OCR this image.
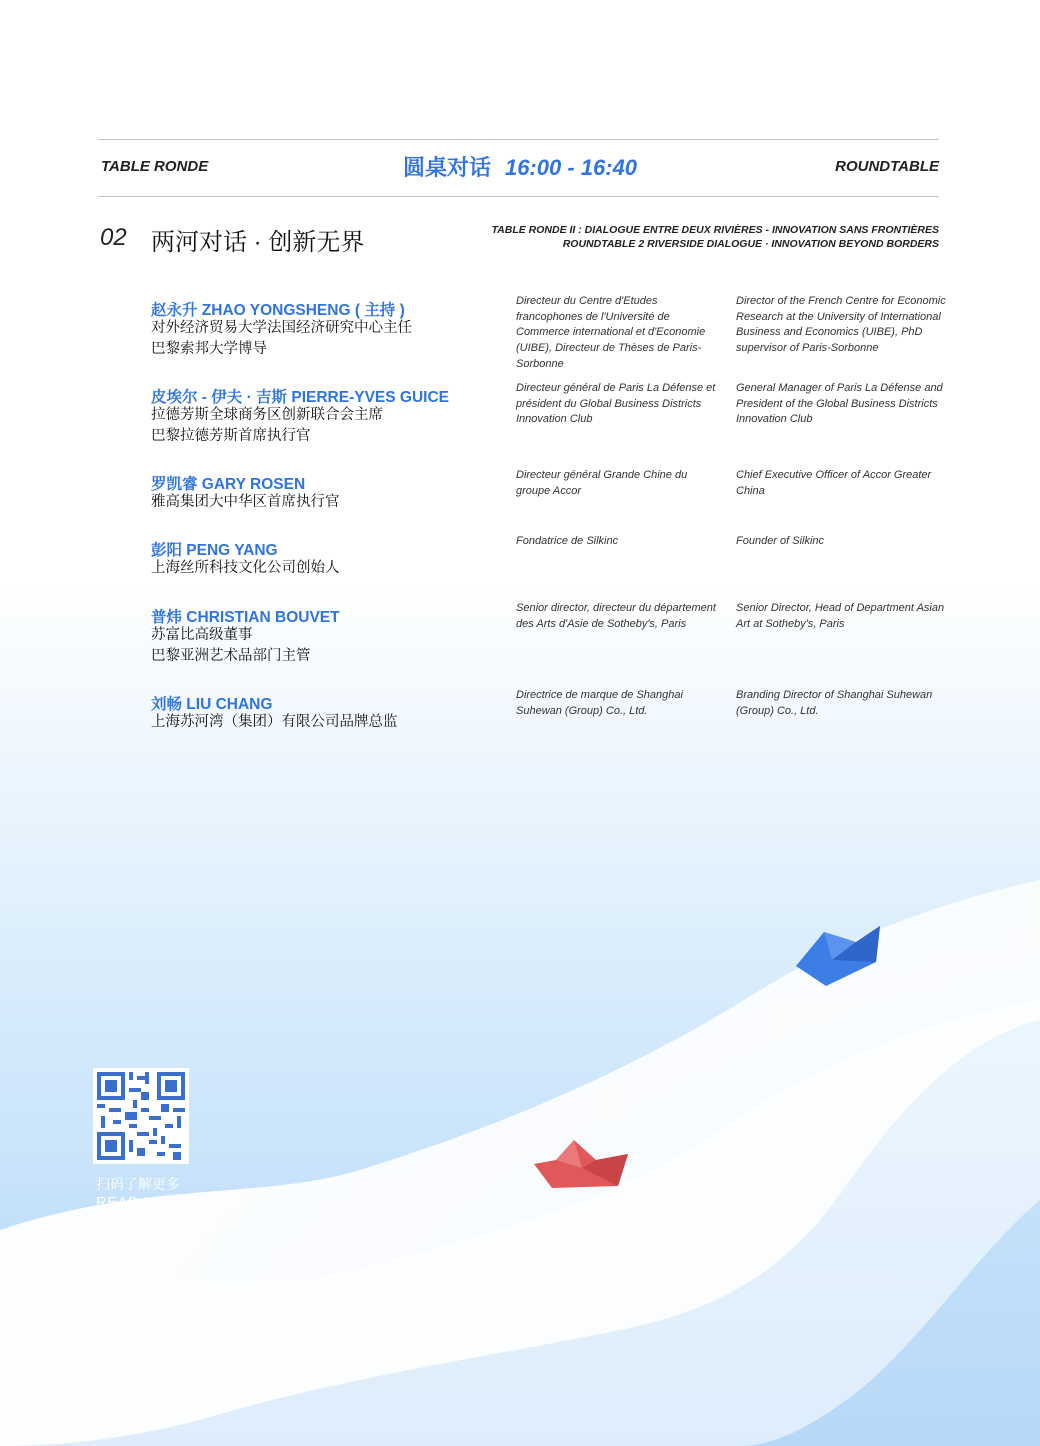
TABLE RONDE	圆桌对话 16:00 - 16:40	ROUNDTABLE
02 两河对话 · 创新无界	TABLE RONDE II : DIALOGUE ENTRE DEUX RIVIÈRES - INNOVATION SANS FRONTIÈRES
ROUNDTABLE 2 RIVERSIDE DIALOGUE · INNOVATION BEYOND BORDERS
赵永升 ZHAO YONGSHENG ( 主持 )
对外经济贸易大学法国经济研究中心主任
巴黎索邦大学博导
Directeur du Centre d'Etudes francophones de l'Université de Commerce international et d'Economie (UIBE), Directeur de Thèses de Paris-Sorbonne
Director of the French Centre for Economic Research at the University of International Business and Economics (UIBE), PhD supervisor of Paris-Sorbonne
皮埃尔 - 伊夫 · 吉斯 PIERRE-YVES GUICE
拉德芳斯全球商务区创新联合会主席
巴黎拉德芳斯首席执行官
Directeur général de Paris La Défense et président du Global Business Districts Innovation Club
General Manager of Paris La Défense and President of the Global Business Districts Innovation Club
罗凯睿 GARY ROSEN
雅高集团大中华区首席执行官
Directeur général Grande Chine du groupe Accor
Chief Executive Officer of Accor Greater China
彭阳 PENG YANG
上海丝所科技文化公司创始人
Fondatrice de Silkinc	Founder of Silkinc
普炜 CHRISTIAN BOUVET
苏富比高级董事
巴黎亚洲艺术品部门主管
Senior director, directeur du département des Arts d'Asie de Sotheby's, Paris
Senior Director, Head of Department Asian Art at Sotheby's, Paris
刘畅 LIU CHANG
上海苏河湾（集团）有限公司品牌总监
Directrice de marque de Shanghai Suhewan (Group) Co., Ltd.
Branding Director of Shanghai Suhewan (Group) Co., Ltd.
扫码了解更多
READ MORE
